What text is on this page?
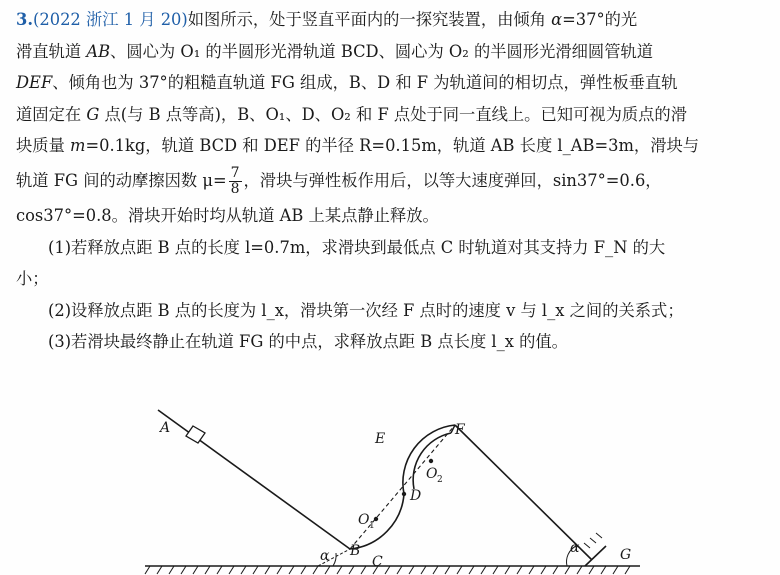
3.(2022 浙江 1 月 20)如图所示，处于竖直平面内的一探究装置，由倾角 α=37°的光
滑直轨道 AB、圆心为 O₁ 的半圆形光滑轨道 BCD、圆心为 O₂ 的半圆形光滑细圆管轨道
DEF、倾角也为 37°的粗糙直轨道 FG 组成，B、D 和 F 为轨道间的相切点，弹性板垂直轨
道固定在 G 点(与 B 点等高)，B、O₁、D、O₂ 和 F 点处于同一直线上。已知可视为质点的滑
块质量 m=0.1kg，轨道 BCD 和 DEF 的半径 R=0.15m，轨道 AB 长度 l_AB=3m，滑块与
轨道 FG 间的动摩擦因数 $\mu= \frac{7}{8}$ ，滑块与弹性板作用后，以等大速度弹回，sin37°=0.6，
cos37°=0.8。滑块开始时均从轨道 AB 上某点静止释放。
(1)若释放点距 B 点的长度 l=0.7m，求滑块到最低点 C 时轨道对其支持力 F_N 的大
小；
(2)设释放点距 B 点的长度为 l_x，滑块第一次经 F 点时的速度 v 与 l_x 之间的关系式；
(3)若滑块最终静止在轨道 FG 的中点，求释放点距 B 点长度 l_x 的值。
A
B
C
D
E
F
G
O 1
O 2
α	α
